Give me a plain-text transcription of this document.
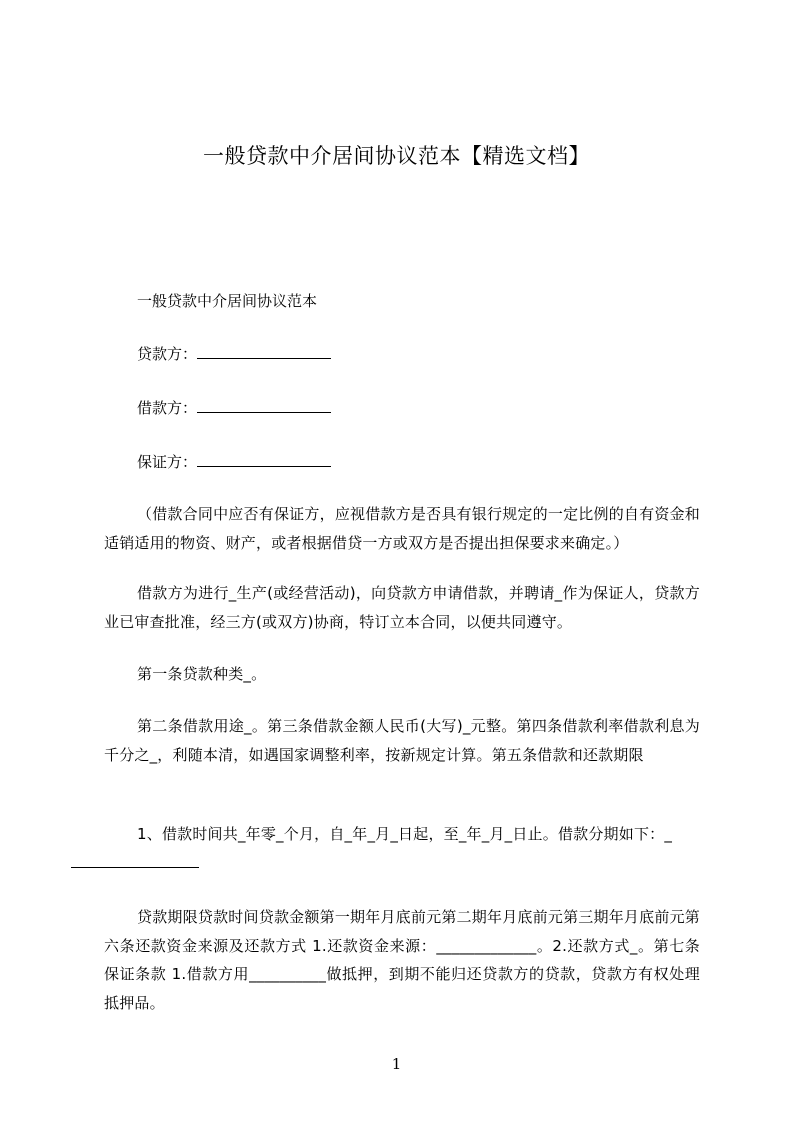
一般贷款中介居间协议范本【精选文档】
一般贷款中介居间协议范本
贷款方：
借款方：
保证方：
（借款合同中应否有保证方，应视借款方是否具有银行规定的一定比例的自有资金和适销适用的物资、财产，或者根据借贷一方或双方是否提出担保要求来确定。）
借款方为进行_生产(或经营活动)，向贷款方申请借款，并聘请_作为保证人，贷款方业已审查批准，经三方(或双方)协商，特订立本合同，以便共同遵守。
第一条贷款种类_。
第二条借款用途_。第三条借款金额人民币(大写)_元整。第四条借款利率借款利息为千分之_，利随本清，如遇国家调整利率，按新规定计算。第五条借款和还款期限
1、借款时间共_年零_个月，自_年_月_日起，至_年_月_日止。借款分期如下：_

贷款期限贷款时间贷款金额第一期年月底前元第二期年月底前元第三期年月底前元第六条还款资金来源及还款方式 1.还款资金来源：_____________。2.还款方式_。第七条保证条款 1.借款方用__________做抵押，到期不能归还贷款方的贷款，贷款方有权处理抵押品。
1
